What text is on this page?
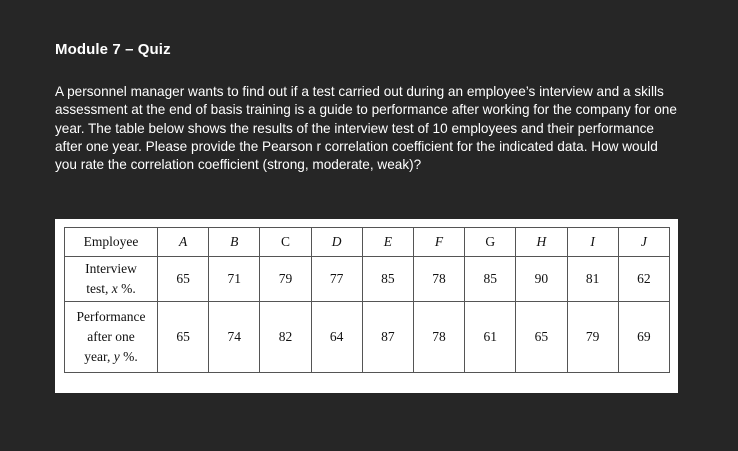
Module 7 – Quiz
A personnel manager wants to find out if a test carried out during an employee’s interview and a skills assessment at the end of basis training is a guide to performance after working for the company for one year. The table below shows the results of the interview test of 10 employees and their performance after one year. Please provide the Pearson r correlation coefficient for the indicated data. How would you rate the correlation coefficient (strong, moderate, weak)?
Employee	A	B	C	D	E	F	G	H	I	J
Interview
test, x %.	65	71	79	77	85	78	85	90	81	62
Performance
after one
year, y %.	65	74	82	64	87	78	61	65	79	69
